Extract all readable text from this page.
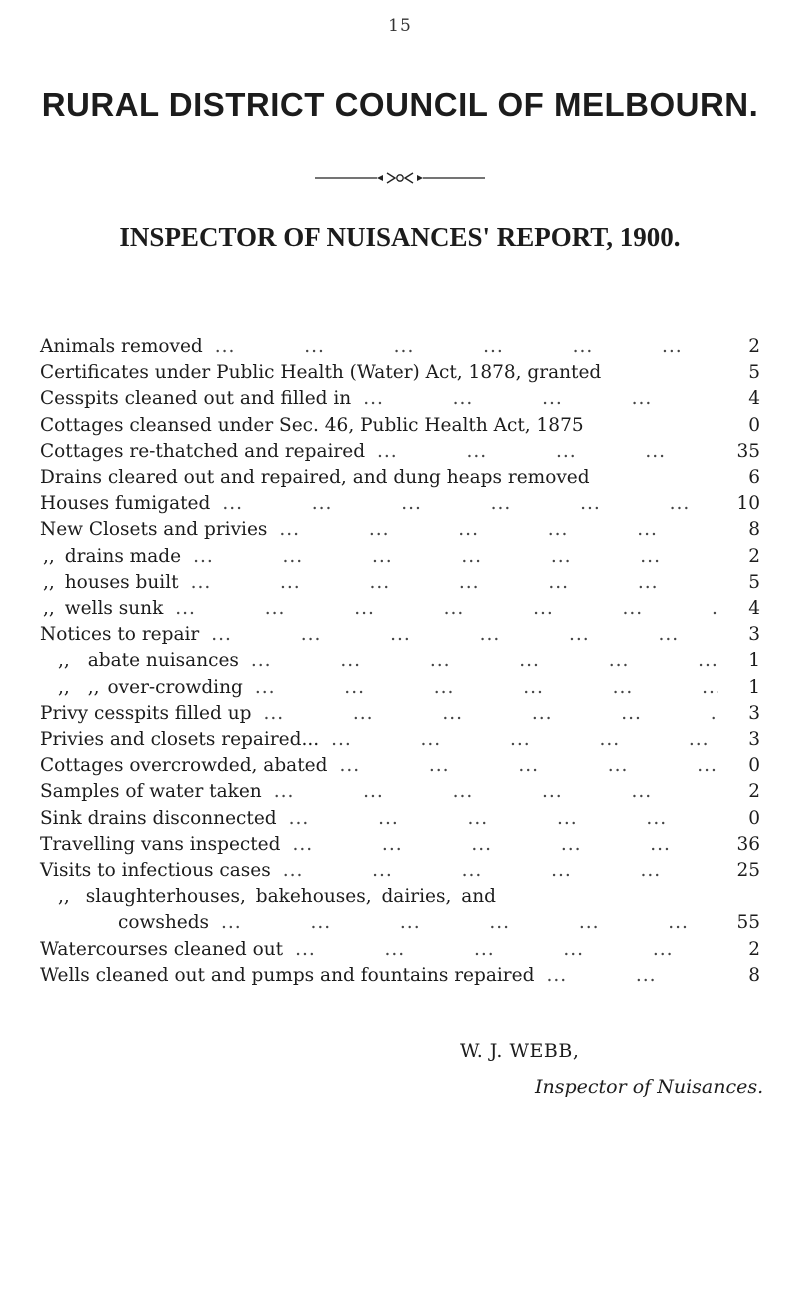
15
RURAL DISTRICT COUNCIL OF MELBOURN.
INSPECTOR OF NUISANCES' REPORT, 1900.
Animals removed ...	2
Certificates under Public Health (Water) Act, 1878, granted	5
Cesspits cleaned out and filled in ...	4
Cottages cleansed under Sec. 46, Public Health Act, 1875	0
Cottages re-thatched and repaired ...	35
Drains cleared out and repaired, and dung heaps removed	6
Houses fumigated ...	10
New Closets and privies ...	8
,, drains made ...	2
,, houses built ...	5
,, wells sunk ...	4
Notices to repair ...	3
,, abate nuisances ...	1
,, ,, over-crowding ...	1
Privy cesspits filled up ...	3
Privies and closets repaired... ...	3
Cottages overcrowded, abated ...	0
Samples of water taken ...	2
Sink drains disconnected ...	0
Travelling vans inspected ...	36
Visits to infectious cases ...	25
,, slaughterhouses, bakehouses, dairies, and
cowsheds ...	55
Watercourses cleaned out ...	2
Wells cleaned out and pumps and fountains repaired ...	8
W. J. WEBB,
Inspector of Nuisances.
